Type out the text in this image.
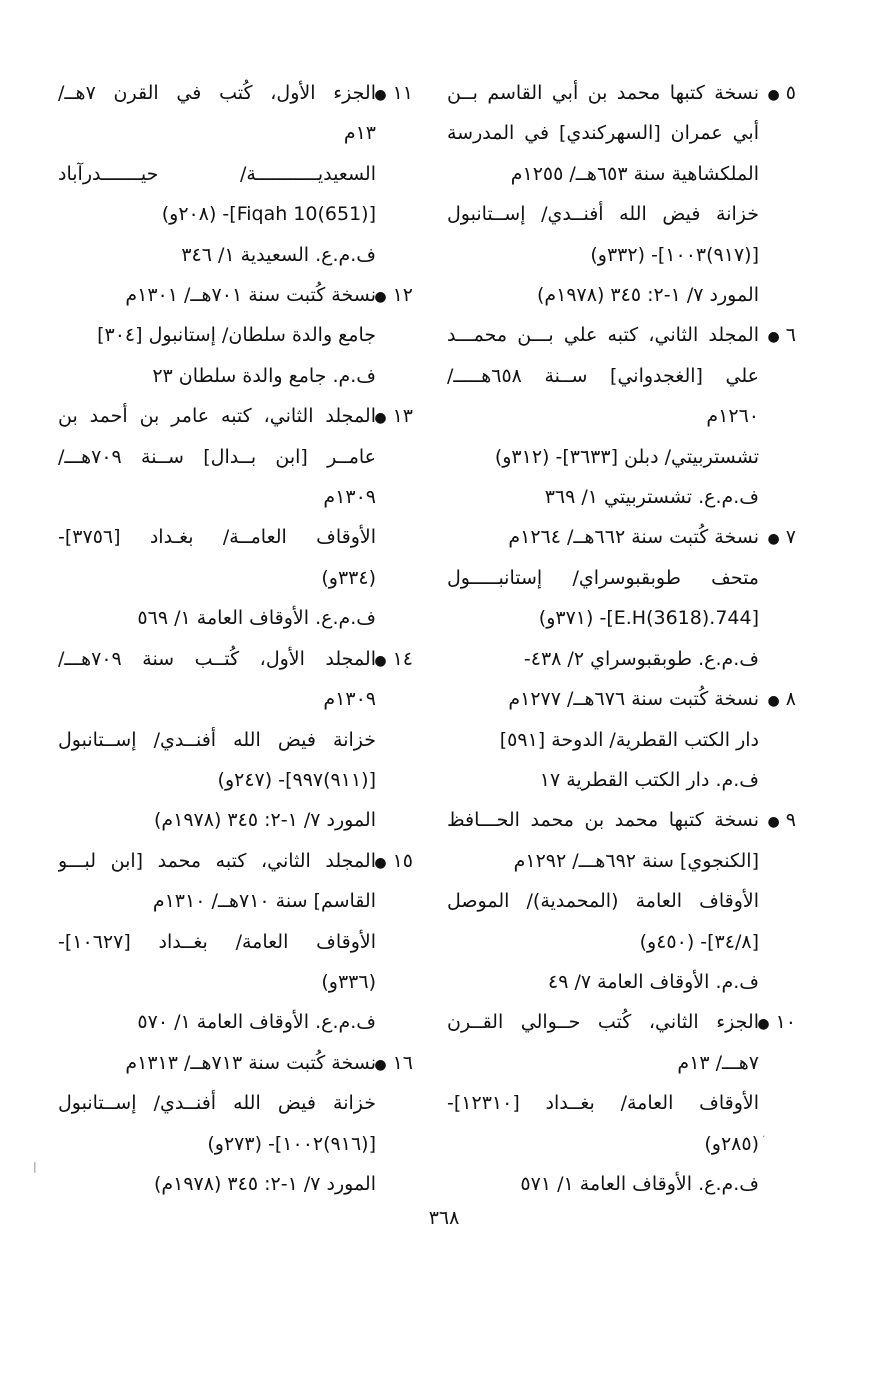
٥ ●
نسخة كتبها محمد بن أبي القاسم بــن
أبي عمران [السهركندي] في المدرسة
الملكشاهية سنة ٦٥٣هــ/ ١٢٥٥م
خزانة فيض الله أفنــدي/ إســتانبول
[(٩١٧)١٠٠٣]- (٣٣٢و)
المورد ٧/ ١-٢: ٣٤٥ (١٩٧٨م)
٦ ●
المجلد الثاني، كتبه علي بـــن محمـــد
علي [الغجدواني] ســنة ٦٥٨هـــــ/
١٢٦٠م
تشستربيتي/ دبلن [٣٦٣٣]- (٣١٢و)
ف.م.ع. تشستربيتي ١/ ٣٦٩
٧ ●
نسخة كُتبت سنة ٦٦٢هــ/ ١٢٦٤م
متحف طوبقبوسراي/ إستانبـــــول
[744.E.H(3618)]- (٣٧١و)
ف.م.ع. طوبقبوسراي ٢/ ٤٣٨-
٨ ●
نسخة كُتبت سنة ٦٧٦هــ/ ١٢٧٧م
دار الكتب القطرية/ الدوحة [٥٩١]
ف.م. دار الكتب القطرية ١٧
٩ ●
نسخة كتبها محمد بن محمد الحـــافظ
[الكنجوي] سنة ٦٩٢هـــ/ ١٢٩٢م
الأوقاف العامة (المحمدية)/ الموصل
[٣٤/٨]- (٤٥٠و)
ف.م. الأوقاف العامة ٧/ ٤٩
١٠ ●
الجزء الثاني، كُتب حــوالي القــرن
٧هـــ/ ١٣م
الأوقاف العامة/ بغــداد [١٢٣١٠]-
(٢٨٥و)
ف.م.ع. الأوقاف العامة ١/ ٥٧١
١١ ●
الجزء الأول، كُتب في القرن ٧هــ/
١٣م
السعيديـــــــــــة/ حيـــــــدرآباد
[Fiqah 10(651)]- (٢٠٨و)
ف.م.ع. السعيدية ١/ ٣٤٦
١٢ ●
نسخة كُتبت سنة ٧٠١هــ/ ١٣٠١م
جامع والدة سلطان/ إستانبول [٣٠٤]
ف.م. جامع والدة سلطان ٢٣
١٣ ●
المجلد الثاني، كتبه عامر بن أحمد بن
عامــر [ابن بــدال] ســنة ٧٠٩هـــ/
١٣٠٩م
الأوقاف العامــة/ بغـداد [٣٧٥٦]-
(٣٣٤و)
ف.م.ع. الأوقاف العامة ١/ ٥٦٩
١٤ ●
المجلد الأول، كُتــب سنة ٧٠٩هـــ/
١٣٠٩م
خزانة فيض الله أفنــدي/ إســتانبول
[(٩١١)٩٩٧]- (٢٤٧و)
المورد ٧/ ١-٢: ٣٤٥ (١٩٧٨م)
١٥ ●
المجلد الثاني، كتبه محمد [ابن لبـــو
القاسم] سنة ٧١٠هــ/ ١٣١٠م
الأوقاف العامة/ بغــداد [١٠٦٢٧]-
(٣٣٦و)
ف.م.ع. الأوقاف العامة ١/ ٥٧٠
١٦ ●
نسخة كُتبت سنة ٧١٣هــ/ ١٣١٣م
خزانة فيض الله أفنــدي/ إســتانبول
[(٩١٦)١٠٠٢]- (٢٧٣و)
المورد ٧/ ١-٢: ٣٤٥ (١٩٧٨م)
٣٦٨
|
.
